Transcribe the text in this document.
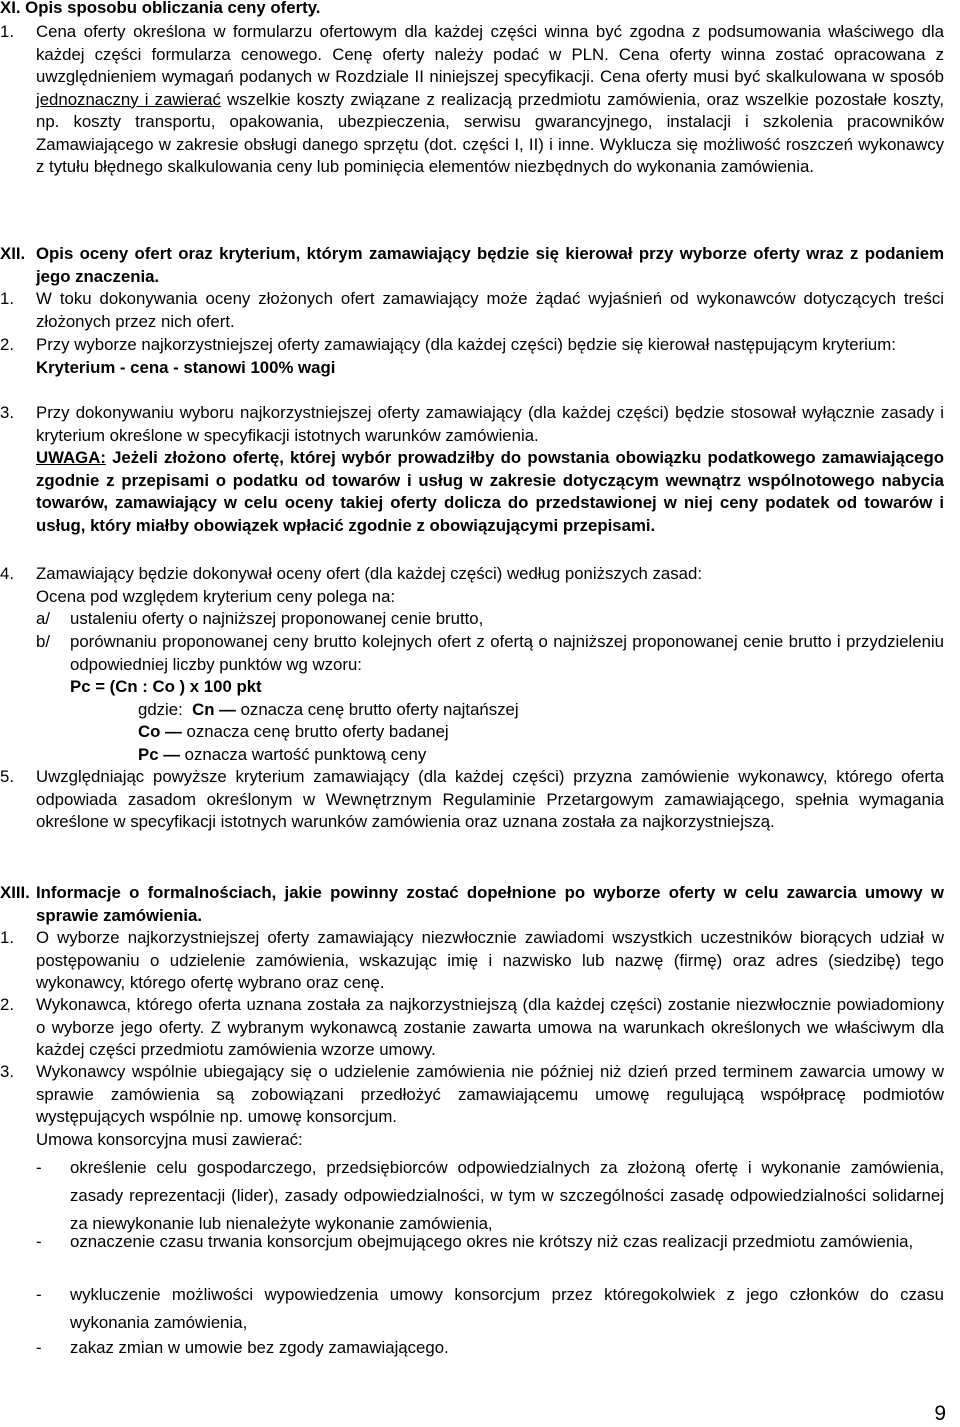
XI. Opis sposobu obliczania ceny oferty.
1. Cena oferty określona w formularzu ofertowym dla każdej części winna być zgodna z podsumowania właściwego dla każdej części formularza cenowego. Cenę oferty należy podać w PLN. Cena oferty winna zostać opracowana z uwzględnieniem wymagań podanych w Rozdziale II niniejszej specyfikacji. Cena oferty musi być skalkulowana w sposób jednoznaczny i zawierać wszelkie koszty związane z realizacją przedmiotu zamówienia, oraz wszelkie pozostałe koszty, np. koszty transportu, opakowania, ubezpieczenia, serwisu gwarancyjnego, instalacji i szkolenia pracowników Zamawiającego w zakresie obsługi danego sprzętu (dot. części I, II) i inne. Wyklucza się możliwość roszczeń wykonawcy z tytułu błędnego skalkulowania ceny lub pominięcia elementów niezbędnych do wykonania zamówienia.
XII. Opis oceny ofert oraz kryterium, którym zamawiający będzie się kierował przy wyborze oferty wraz z podaniem jego znaczenia.
1. W toku dokonywania oceny złożonych ofert zamawiający może żądać wyjaśnień od wykonawców dotyczących treści złożonych przez nich ofert.
2. Przy wyborze najkorzystniejszej oferty zamawiający (dla każdej części) będzie się kierował następującym kryterium:
Kryterium - cena - stanowi 100% wagi
3. Przy dokonywaniu wyboru najkorzystniejszej oferty zamawiający (dla każdej części) będzie stosował wyłącznie zasady i kryterium określone w specyfikacji istotnych warunków zamówienia.
UWAGA: Jeżeli złożono ofertę, której wybór prowadziłby do powstania obowiązku podatkowego zamawiającego zgodnie z przepisami o podatku od towarów i usług w zakresie dotyczącym wewnątrz wspólnotowego nabycia towarów, zamawiający w celu oceny takiej oferty dolicza do przedstawionej w niej ceny podatek od towarów i usług, który miałby obowiązek wpłacić zgodnie z obowiązującymi przepisami.
4. Zamawiający będzie dokonywał oceny ofert (dla każdej części) według poniższych zasad:
Ocena pod względem kryterium ceny polega na:
a/ ustaleniu oferty o najniższej proponowanej cenie brutto,
b/ porównaniu proponowanej ceny brutto kolejnych ofert z ofertą o najniższej proponowanej cenie brutto i przydzieleniu odpowiedniej liczby punktów wg wzoru:
Pc = (Cn : Co ) x 100 pkt
gdzie: Cn — oznacza cenę brutto oferty najtańszej
Co — oznacza cenę brutto oferty badanej
Pc — oznacza wartość punktową ceny
5. Uwzględniając powyższe kryterium zamawiający (dla każdej części) przyzna zamówienie wykonawcy, którego oferta odpowiada zasadom określonym w Wewnętrznym Regulaminie Przetargowym zamawiającego, spełnia wymagania określone w specyfikacji istotnych warunków zamówienia oraz uznana została za najkorzystniejszą.
XIII. Informacje o formalnościach, jakie powinny zostać dopełnione po wyborze oferty w celu zawarcia umowy w sprawie zamówienia.
1. O wyborze najkorzystniejszej oferty zamawiający niezwłocznie zawiadomi wszystkich uczestników biorących udział w postępowaniu o udzielenie zamówienia, wskazując imię i nazwisko lub nazwę (firmę) oraz adres (siedzibę) tego wykonawcy, którego ofertę wybrano oraz cenę.
2. Wykonawca, którego oferta uznana została za najkorzystniejszą (dla każdej części) zostanie niezwłocznie powiadomiony o wyborze jego oferty. Z wybranym wykonawcą zostanie zawarta umowa na warunkach określonych we właściwym dla każdej części przedmiotu zamówienia wzorze umowy.
3. Wykonawcy wspólnie ubiegający się o udzielenie zamówienia nie później niż dzień przed terminem zawarcia umowy w sprawie zamówienia są zobowiązani przedłożyć zamawiającemu umowę regulującą współpracę podmiotów występujących wspólnie np. umowę konsorcjum.
Umowa konsorcyjna musi zawierać:
- określenie celu gospodarczego, przedsiębiorców odpowiedzialnych za złożoną ofertę i wykonanie zamówienia, zasady reprezentacji (lider), zasady odpowiedzialności, w tym w szczególności zasadę odpowiedzialności solidarnej za niewykonanie lub nienależyte wykonanie zamówienia,
- oznaczenie czasu trwania konsorcjum obejmującego okres nie krótszy niż czas realizacji przedmiotu zamówienia,
- wykluczenie możliwości wypowiedzenia umowy konsorcjum przez któregokolwiek z jego członków do czasu wykonania zamówienia,
- zakaz zmian w umowie bez zgody zamawiającego.
9
